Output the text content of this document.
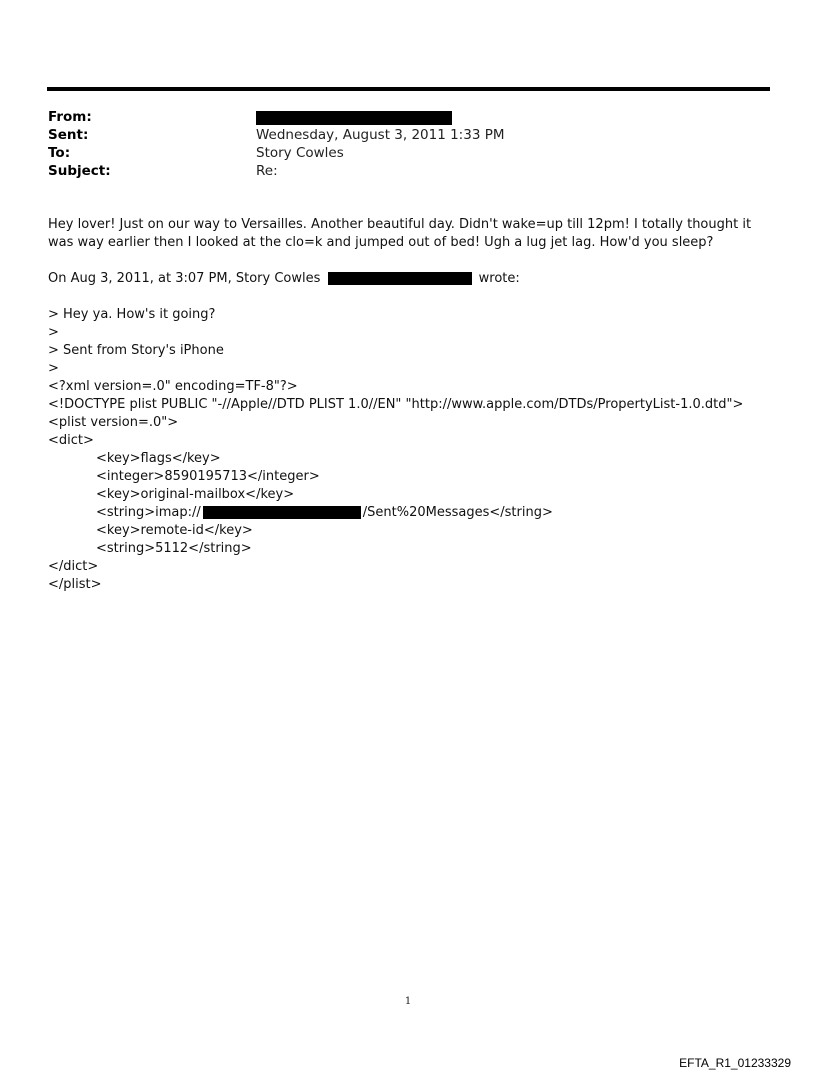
From:
Sent:	Wednesday, August 3, 2011 1:33 PM
To:	Story Cowles
Subject:	Re:
Hey lover! Just on our way to Versailles. Another beautiful day. Didn't wake=up till 12pm! I totally thought it was way earlier then I looked at the clo=k and jumped out of bed! Ugh a lug jet lag. How'd you sleep?
On Aug 3, 2011, at 3:07 PM, Story Cowles	wrote:
> Hey ya. How's it going?
>
> Sent from Story's iPhone
>
<?xml version=.0" encoding=TF-8"?>
<!DOCTYPE plist PUBLIC "-//Apple//DTD PLIST 1.0//EN" "http://www.apple.com/DTDs/PropertyList-1.0.dtd">
<plist version=.0">
<dict>
<key>flags</key>
<integer>8590195713</integer>
<key>original-mailbox</key>
<string>imap://	/Sent%20Messages</string>
<key>remote-id</key>
<string>5112</string>
</dict>
</plist>
1
EFTA_R1_01233329
